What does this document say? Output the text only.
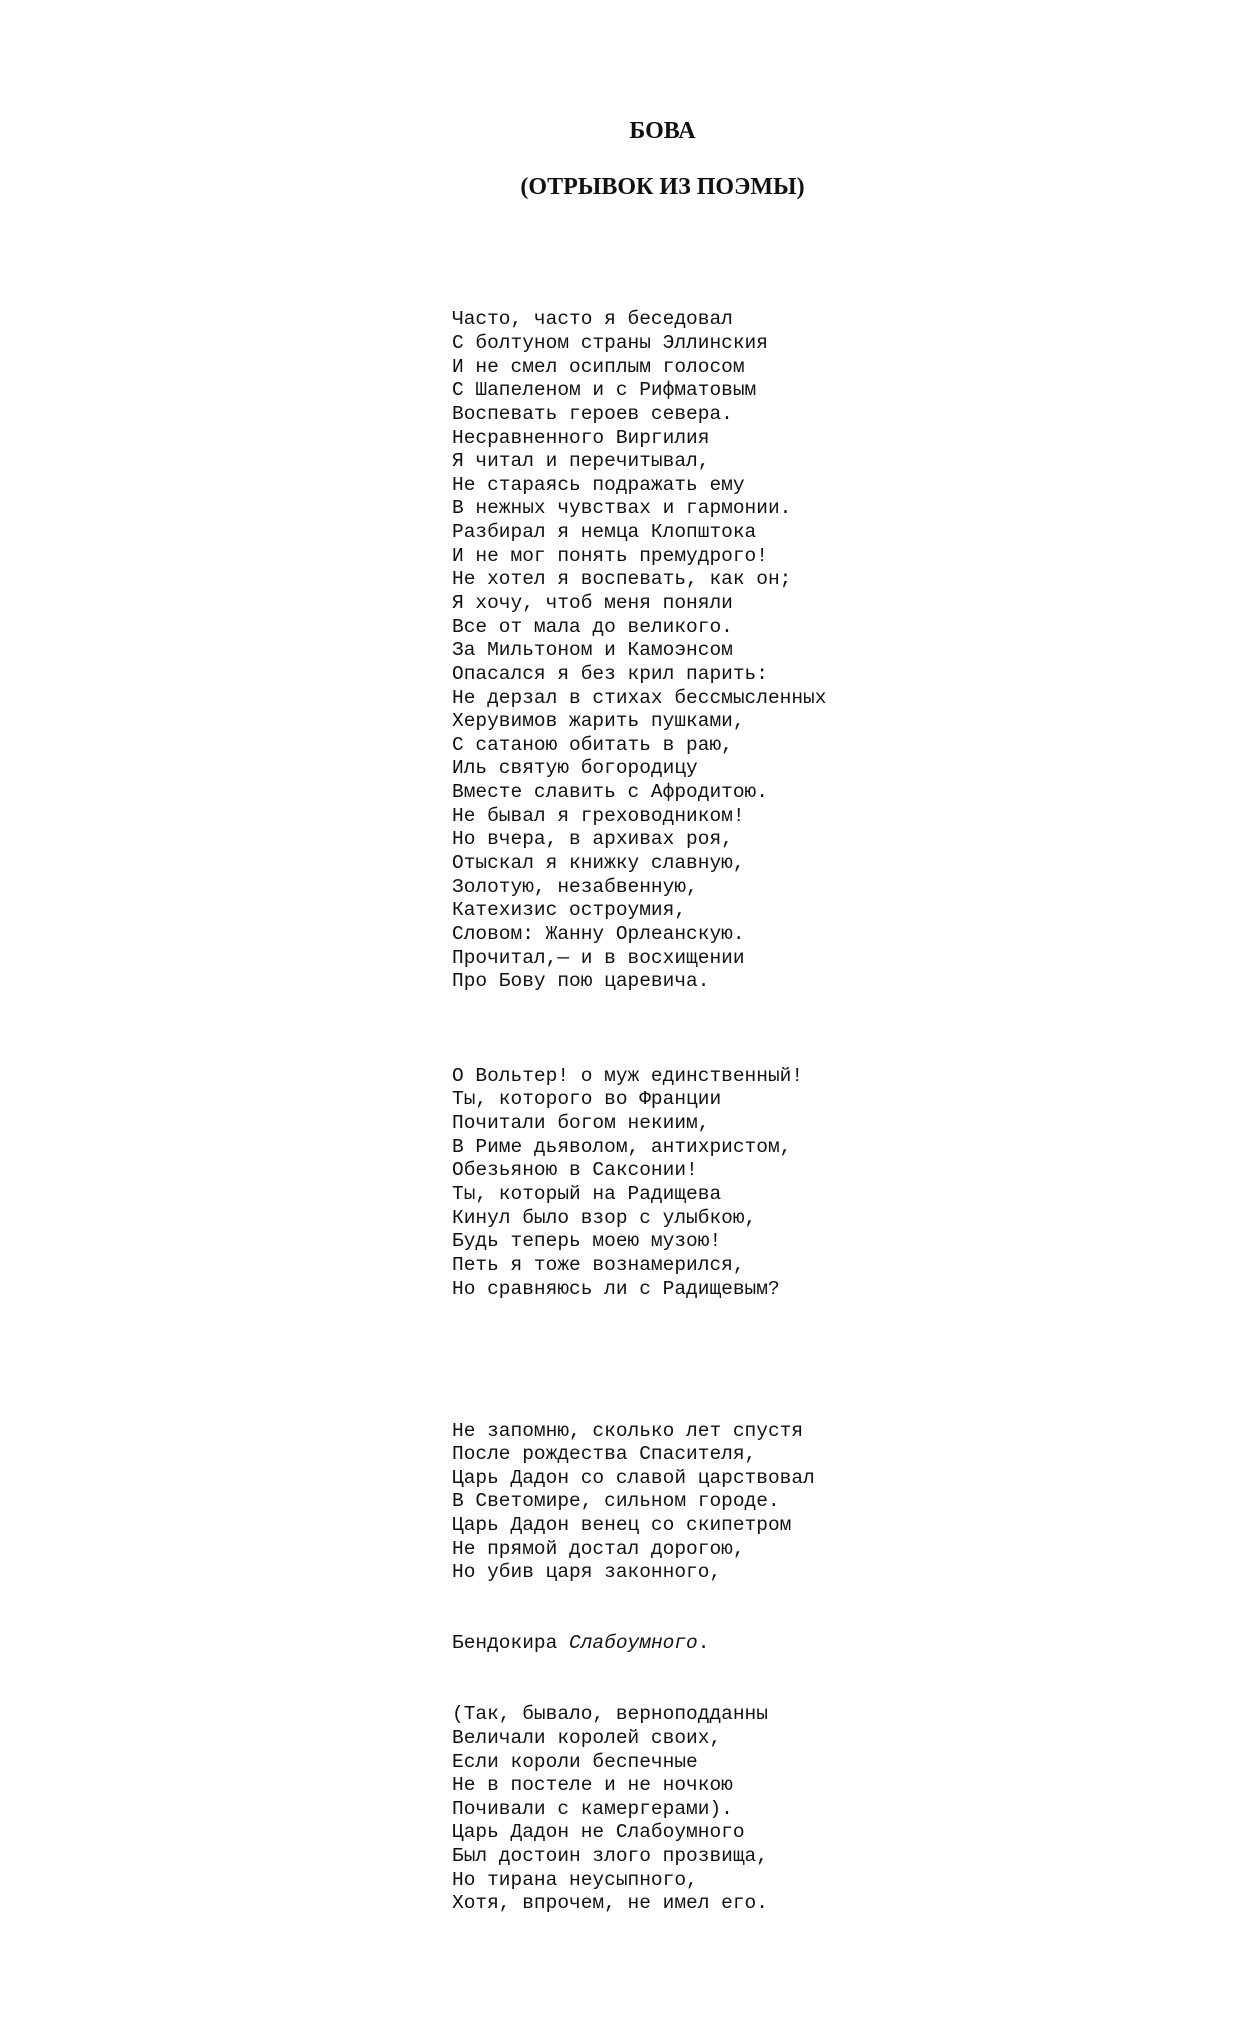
БОВА
(ОТРЫВОК ИЗ ПОЭМЫ)

Часто, часто я беседовал
С болтуном страны Эллинския
И не смел осиплым голосом
С Шапеленом и с Рифматовым
Воспевать героев севера.
Несравненного Виргилия
Я читал и перечитывал,
Не стараясь подражать ему
В нежных чувствах и гармонии.
Разбирал я немца Клопштока
И не мог понять премудрого!
Не хотел я воспевать, как он;
Я хочу, чтоб меня поняли
Все от мала до великого.
За Мильтоном и Камоэнсом
Опасался я без крил парить:
Не дерзал в стихах бессмысленных
Херувимов жарить пушками,
С сатаною обитать в раю,
Иль святую богородицу
Вместе славить с Афродитою.
Не бывал я греховодником!
Но вчера, в архивах роя,
Отыскал я книжку славную,
Золотую, незабвенную,
Катехизис остроумия,
Словом: Жанну Орлеанскую.
Прочитал,— и в восхищении
Про Бову пою царевича.

О Вольтер! о муж единственный!
Ты, которого во Франции
Почитали богом некиим,
В Риме дьяволом, антихристом,
Обезьяною в Саксонии!
Ты, который на Радищева
Кинул было взор с улыбкою,
Будь теперь моею музою!
Петь я тоже вознамерился,
Но сравняюсь ли с Радищевым?

Не запомню, сколько лет спустя
После рождества Спасителя,
Царь Дадон со славой царствовал
В Светомире, сильном городе.
Царь Дадон венец со скипетром
Не прямой достал дорогою,
Но убив царя законного,

Бендокира Слабоумного.

(Так, бывало, верноподданны
Величали королей своих,
Если короли беспечные
Не в постеле и не ночкою
Почивали с камергерами).
Царь Дадон не Слабоумного
Был достоин злого прозвища,
Но тирана неусыпного,
Хотя, впрочем, не имел его.
